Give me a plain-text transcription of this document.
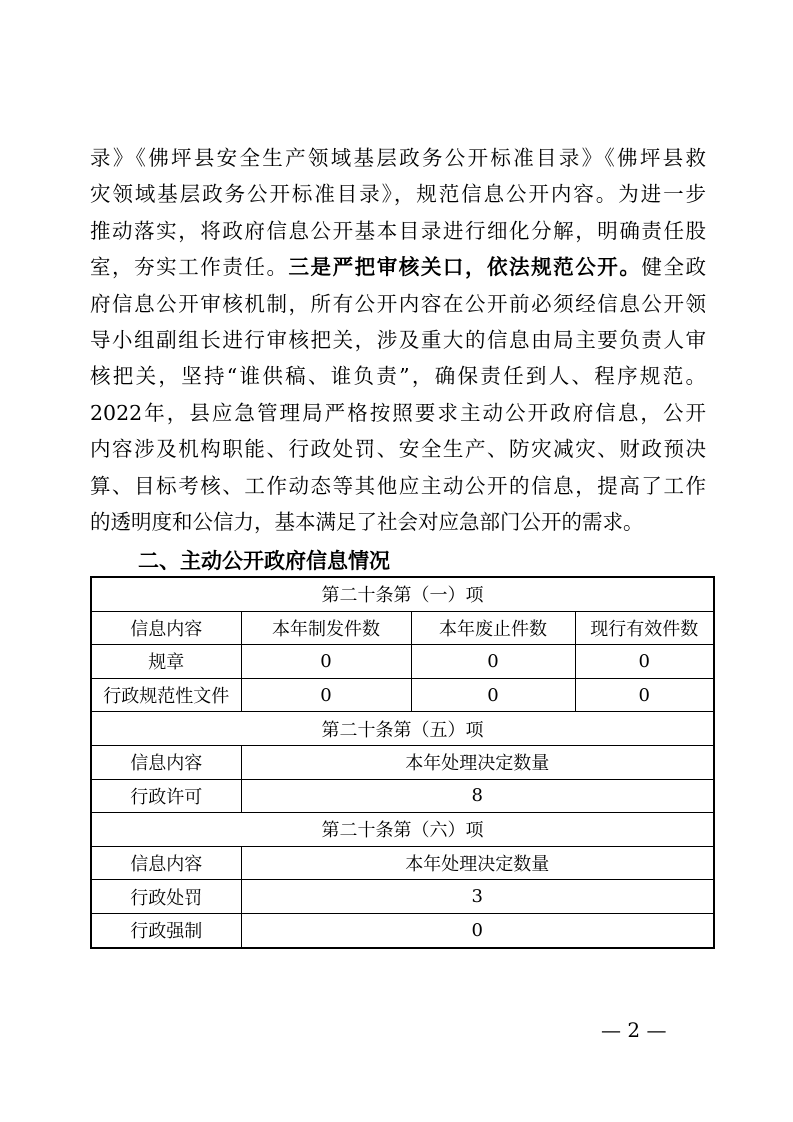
录》《佛坪县安全生产领域基层政务公开标准目录》《佛坪县救
灾领域基层政务公开标准目录》，规范信息公开内容。为进一步
推动落实，将政府信息公开基本目录进行细化分解，明确责任股
室，夯实工作责任。三是严把审核关口，依法规范公开。健全政
府信息公开审核机制，所有公开内容在公开前必须经信息公开领
导小组副组长进行审核把关，涉及重大的信息由局主要负责人审
核把关，坚持“谁供稿、谁负责”，确保责任到人、程序规范。
2022年，县应急管理局严格按照要求主动公开政府信息，公开
内容涉及机构职能、行政处罚、安全生产、防灾减灾、财政预决
算、目标考核、工作动态等其他应主动公开的信息，提高了工作
的透明度和公信力，基本满足了社会对应急部门公开的需求。
二、主动公开政府信息情况
第二十条第（一）项			
信息内容	本年制发件数	本年废止件数	现行有效件数
规章	0	0	0
行政规范性文件	0	0	0
第二十条第（五）项			
信息内容	本年处理决定数量		
行政许可	8		
第二十条第（六）项			
信息内容	本年处理决定数量		
行政处罚	3		
行政强制	0		
— 2 —
